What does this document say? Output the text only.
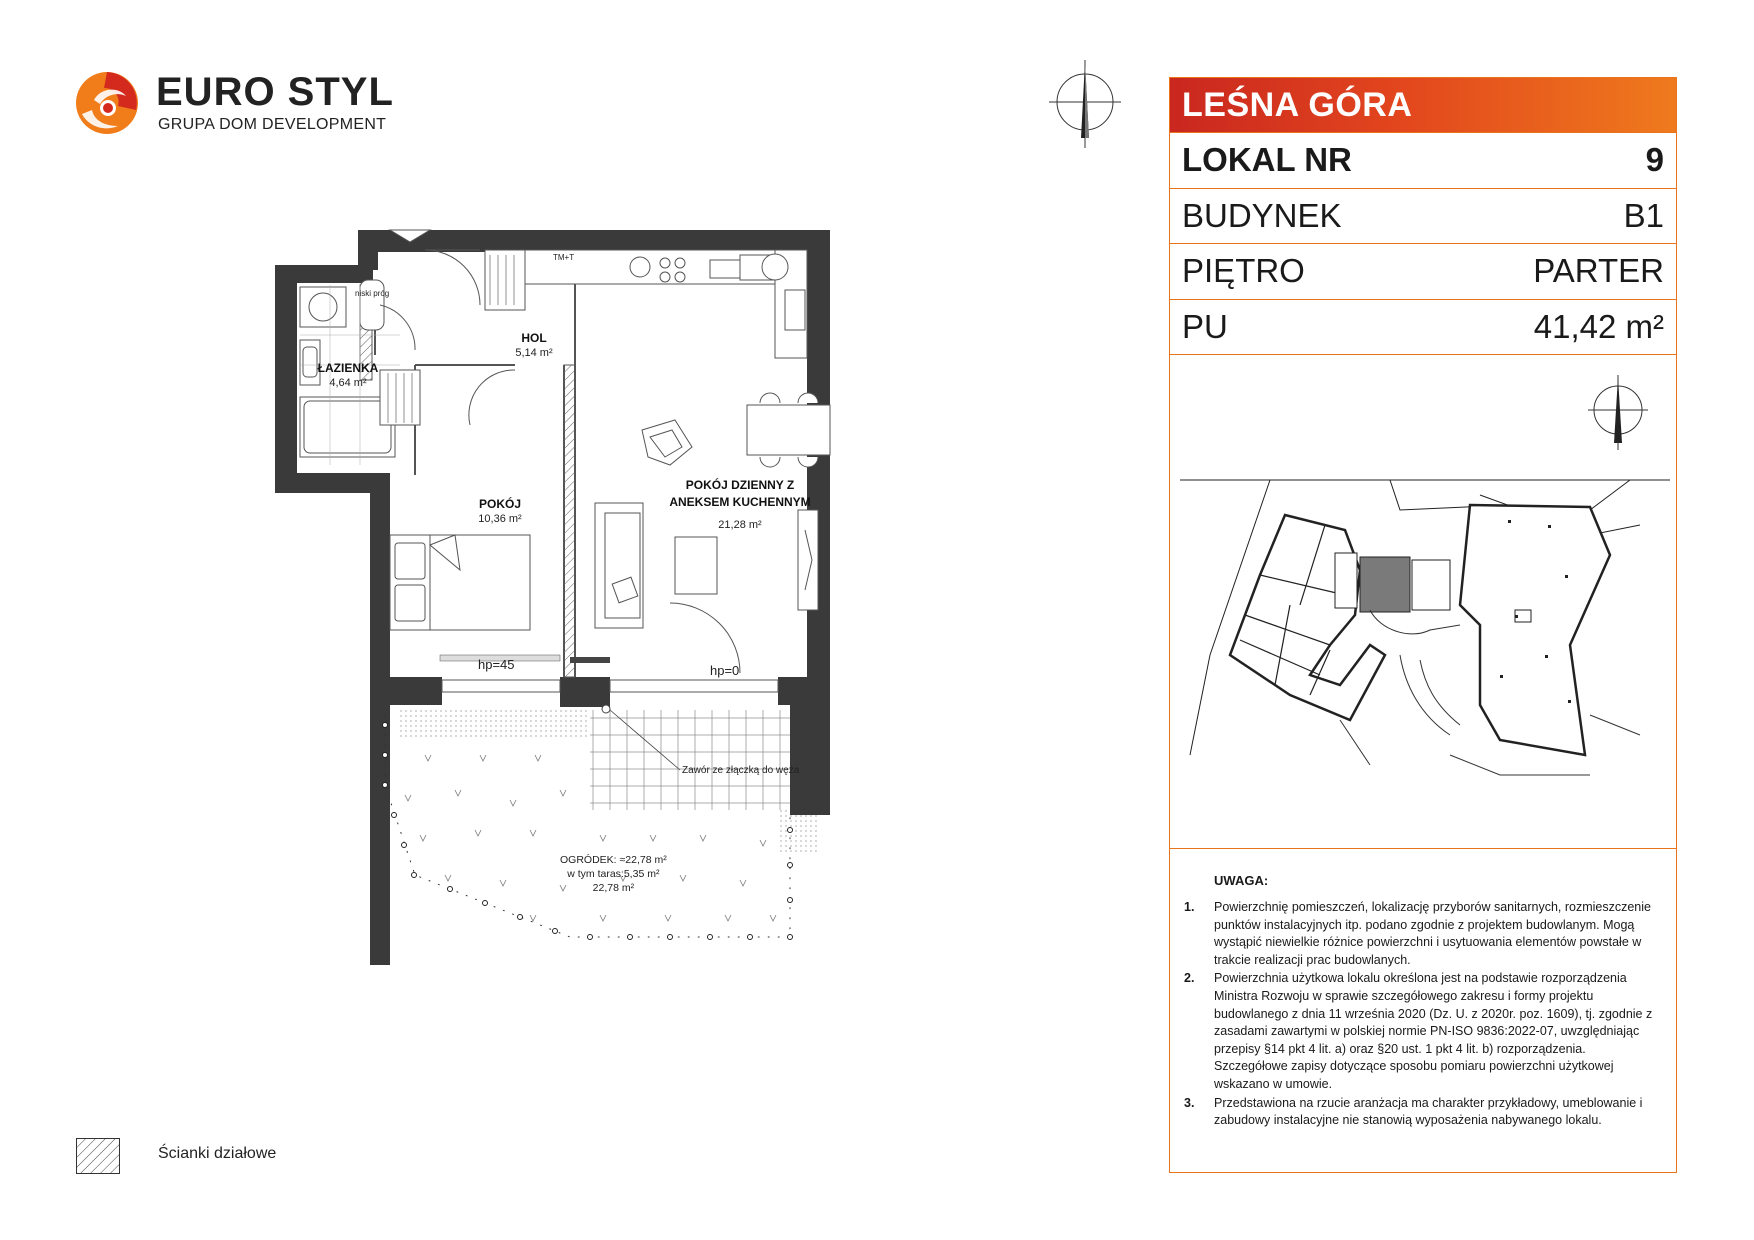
EURO STYL
GRUPA DOM DEVELOPMENT
HOL
5,14 m²
ŁAZIENKA
4,64 m²
POKÓJ
10,36 m²
POKÓJ DZIENNY Z
ANEKSEM KUCHENNYM
21,28 m²
hp=45	hp=0
niski próg
TM+T
Zawór ze złączką do węża
OGRÓDEK: ≈22,78 m²
w tym taras:5,35 m²
22,78 m²
Ścianki działowe
LEŚNA GÓRA
LOKAL NR	9
BUDYNEK	B1
PIĘTRO	PARTER
PU	41,42 m²
UWAGA:
1. Powierzchnię pomieszczeń, lokalizację przyborów sanitarnych, rozmieszczenie punktów instalacyjnych itp. podano zgodnie z projektem budowlanym. Mogą wystąpić niewielkie różnice powierzchni i usytuowania elementów powstałe w trakcie realizacji prac budowlanych.
2. Powierzchnia użytkowa lokalu określona jest na podstawie rozporządzenia Ministra Rozwoju w sprawie szczegółowego zakresu i formy projektu budowlanego z dnia 11 września 2020 (Dz. U. z 2020r. poz. 1609), tj. zgodnie z zasadami zawartymi w polskiej normie PN-ISO 9836:2022-07, uwzględniając przepisy §14 pkt 4 lit. a) oraz §20 ust. 1 pkt 4 lit. b) rozporządzenia. Szczegółowe zapisy dotyczące sposobu pomiaru powierzchni użytkowej wskazano w umowie.
3. Przedstawiona na rzucie aranżacja ma charakter przykładowy, umeblowanie i zabudowy instalacyjne nie stanowią wyposażenia nabywanego lokalu.
